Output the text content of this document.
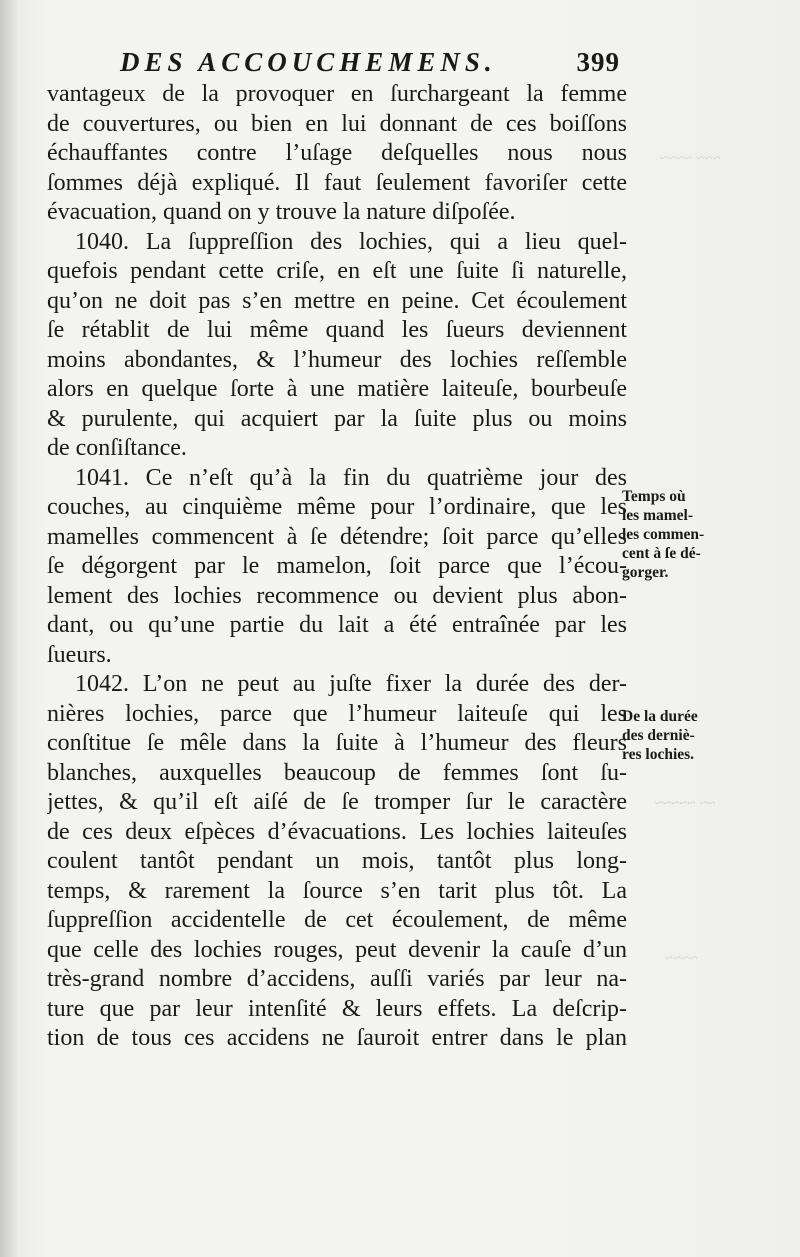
DES ACCOUCHEMENS.	399
vantageux de la provoquer en ſurchargeant la femme
de couvertures, ou bien en lui donnant de ces boiſſons
échauffantes contre l’uſage deſquelles nous nous
ſommes déjà expliqué. Il faut ſeulement favoriſer cette
évacuation, quand on y trouve la nature diſpoſée.
1040. La ſuppreſſion des lochies, qui a lieu quel-
quefois pendant cette criſe, en eſt une ſuite ſi naturelle,
qu’on ne doit pas s’en mettre en peine. Cet écoulement
ſe rétablit de lui même quand les ſueurs deviennent
moins abondantes, & l’humeur des lochies reſſemble
alors en quelque ſorte à une matière laiteuſe, bourbeuſe
& purulente, qui acquiert par la ſuite plus ou moins
de conſiſtance.
1041. Ce n’eſt qu’à la fin du quatrième jour des
couches, au cinquième même pour l’ordinaire, que les
mamelles commencent à ſe détendre; ſoit parce qu’elles
ſe dégorgent par le mamelon, ſoit parce que l’écou-
lement des lochies recommence ou devient plus abon-
dant, ou qu’une partie du lait a été entraînée par les
ſueurs.
1042. L’on ne peut au juſte fixer la durée des der-
nières lochies, parce que l’humeur laiteuſe qui les
conſtitue ſe mêle dans la ſuite à l’humeur des fleurs
blanches, auxquelles beaucoup de femmes ſont ſu-
jettes, & qu’il eſt aiſé de ſe tromper ſur le caractère
de ces deux eſpèces d’évacuations. Les lochies laiteuſes
coulent tantôt pendant un mois, tantôt plus long-
temps, & rarement la ſource s’en tarit plus tôt. La
ſuppreſſion accidentelle de cet écoulement, de même
que celle des lochies rouges, peut devenir la cauſe d’un
très-grand nombre d’accidens, auſſi variés par leur na-
ture que par leur intenſité & leurs effets. La deſcrip-
tion de tous ces accidens ne ſauroit entrer dans le plan
Temps où
les mamel-
les commen-
cent à ſe dé-
gorger.
De la durée
des derniè-
res lochies.
~~~ ~~~~
~~ ~~~~~
~~~~
